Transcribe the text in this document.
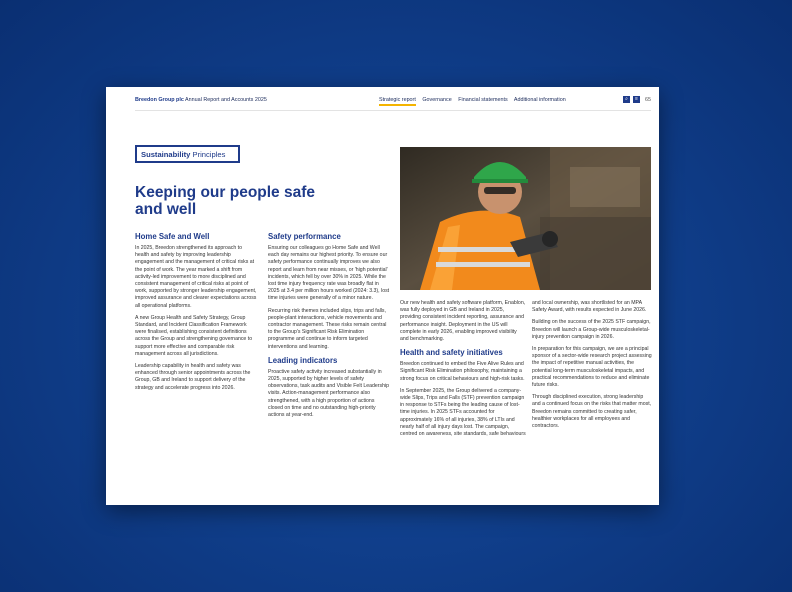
Breedon Group plc Annual Report and Accounts 2025	Strategic report Governance Financial statements Additional information	⌕	≡	65
Sustainability Principles
Keeping our people safe and well
Home Safe and Well

In 2025, Breedon strengthened its approach to health and safety by improving leadership engagement and the management of critical risks at the point of work. The year marked a shift from activity-led improvement to more disciplined and consistent management of critical risks at point of work, supported by stronger leadership engagement, improved assurance and clearer expectations across all operational platforms.

A new Group Health and Safety Strategy, Group Standard, and Incident Classification Framework were finalised, establishing consistent definitions across the Group and strengthening governance to support more effective and comparable risk management across all jurisdictions.

Leadership capability in health and safety was enhanced through senior appointments across the Group, GB and Ireland to support delivery of the strategy and accelerate progress into 2026.

Safety performance

Ensuring our colleagues go Home Safe and Well each day remains our highest priority. To ensure our safety performance continually improves we also report and learn from near misses, or 'high potential' incidents, which fell by over 30% in 2025. While the lost time injury frequency rate was broadly flat in 2025 at 3.4 per million hours worked (2024: 3.3), lost time injuries were generally of a minor nature.

Recurring risk themes included slips, trips and falls, people-plant interactions, vehicle movements and contractor management. These risks remain central to the Group's Significant Risk Elimination programme and continue to inform targeted interventions and learning.

Leading indicators

Proactive safety activity increased substantially in 2025, supported by higher levels of safety observations, task audits and Visible Felt Leadership visits. Action-management performance also strengthened, with a high proportion of actions closed on time and no outstanding high-priority actions at year-end.

Our new health and safety software platform, Enablon, was fully deployed in GB and Ireland in 2025, providing consistent incident reporting, assurance and performance insight. Deployment in the US will complete in early 2026, enabling improved visibility and benchmarking.

Health and safety initiatives

Breedon continued to embed the Five Alive Rules and Significant Risk Elimination philosophy, maintaining a strong focus on critical behaviours and high-risk tasks.

In September 2025, the Group delivered a company-wide Slips, Trips and Falls (STF) prevention campaign in response to STFs being the leading cause of lost-time injuries. In 2025 STFs accounted for approximately 16% of all injuries, 38% of LTIs and nearly half of all injury days lost. The campaign, centred on awareness, site standards, safe behaviours

and local ownership, was shortlisted for an MPA Safety Award, with results expected in June 2026.

Building on the success of the 2025 STF campaign, Breedon will launch a Group-wide musculoskeletal-injury prevention campaign in 2026.

In preparation for this campaign, we are a principal sponsor of a sector-wide research project assessing the impact of repetitive manual activities, the potential long-term musculoskeletal impacts, and practical recommendations to reduce and eliminate future risks.

Through disciplined execution, strong leadership and a continued focus on the risks that matter most, Breedon remains committed to creating safer, healthier workplaces for all employees and contractors.
